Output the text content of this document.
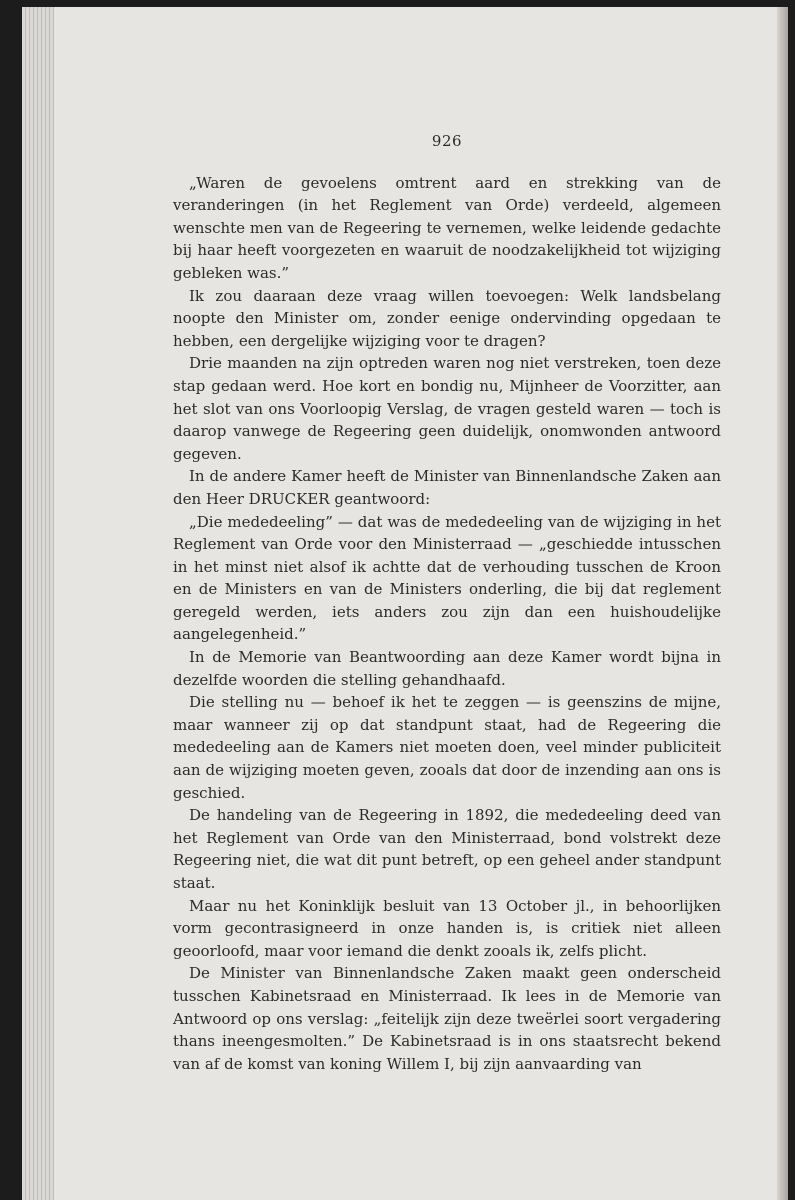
926

„Waren de gevoelens omtrent aard en strekking van de veranderingen (in het Reglement van Orde) verdeeld, algemeen wenschte men van de Regeering te vernemen, welke leidende gedachte bij haar heeft voorgezeten en waaruit de noodzakelijkheid tot wijziging gebleken was.”

Ik zou daaraan deze vraag willen toevoegen: Welk landsbelang noopte den Minister om, zonder eenige ondervinding opgedaan te hebben, een dergelijke wijziging voor te dragen?

Drie maanden na zijn optreden waren nog niet verstreken, toen deze stap gedaan werd. Hoe kort en bondig nu, Mijnheer de Voorzitter, aan het slot van ons Voorloopig Verslag, de vragen gesteld waren — toch is daarop vanwege de Regeering geen duidelijk, onomwonden antwoord gegeven.

In de andere Kamer heeft de Minister van Binnenlandsche Zaken aan den Heer DRUCKER geantwoord:

„Die mededeeling” — dat was de mededeeling van de wijziging in het Reglement van Orde voor den Ministerraad — „geschiedde intusschen in het minst niet alsof ik achtte dat de verhouding tusschen de Kroon en de Ministers en van de Ministers onderling, die bij dat reglement geregeld werden, iets anders zou zijn dan een huishoudelijke aangelegenheid.”

In de Memorie van Beantwoording aan deze Kamer wordt bijna in dezelfde woorden die stelling gehandhaafd.

Die stelling nu — behoef ik het te zeggen — is geenszins de mijne, maar wanneer zij op dat standpunt staat, had de Regeering die mededeeling aan de Kamers niet moeten doen, veel minder publiciteit aan de wijziging moeten geven, zooals dat door de inzending aan ons is geschied.

De handeling van de Regeering in 1892, die mededeeling deed van het Reglement van Orde van den Ministerraad, bond volstrekt deze Regeering niet, die wat dit punt betreft, op een geheel ander standpunt staat.

Maar nu het Koninklijk besluit van 13 October jl., in behoorlijken vorm gecontrasigneerd in onze handen is, is critiek niet alleen geoorloofd, maar voor iemand die denkt zooals ik, zelfs plicht.

De Minister van Binnenlandsche Zaken maakt geen onderscheid tusschen Kabinetsraad en Ministerraad. Ik lees in de Memorie van Antwoord op ons verslag: „feitelijk zijn deze tweërlei soort vergadering thans ineengesmolten.” De Kabinetsraad is in ons staatsrecht bekend van af de komst van koning Willem I, bij zijn aanvaarding van
